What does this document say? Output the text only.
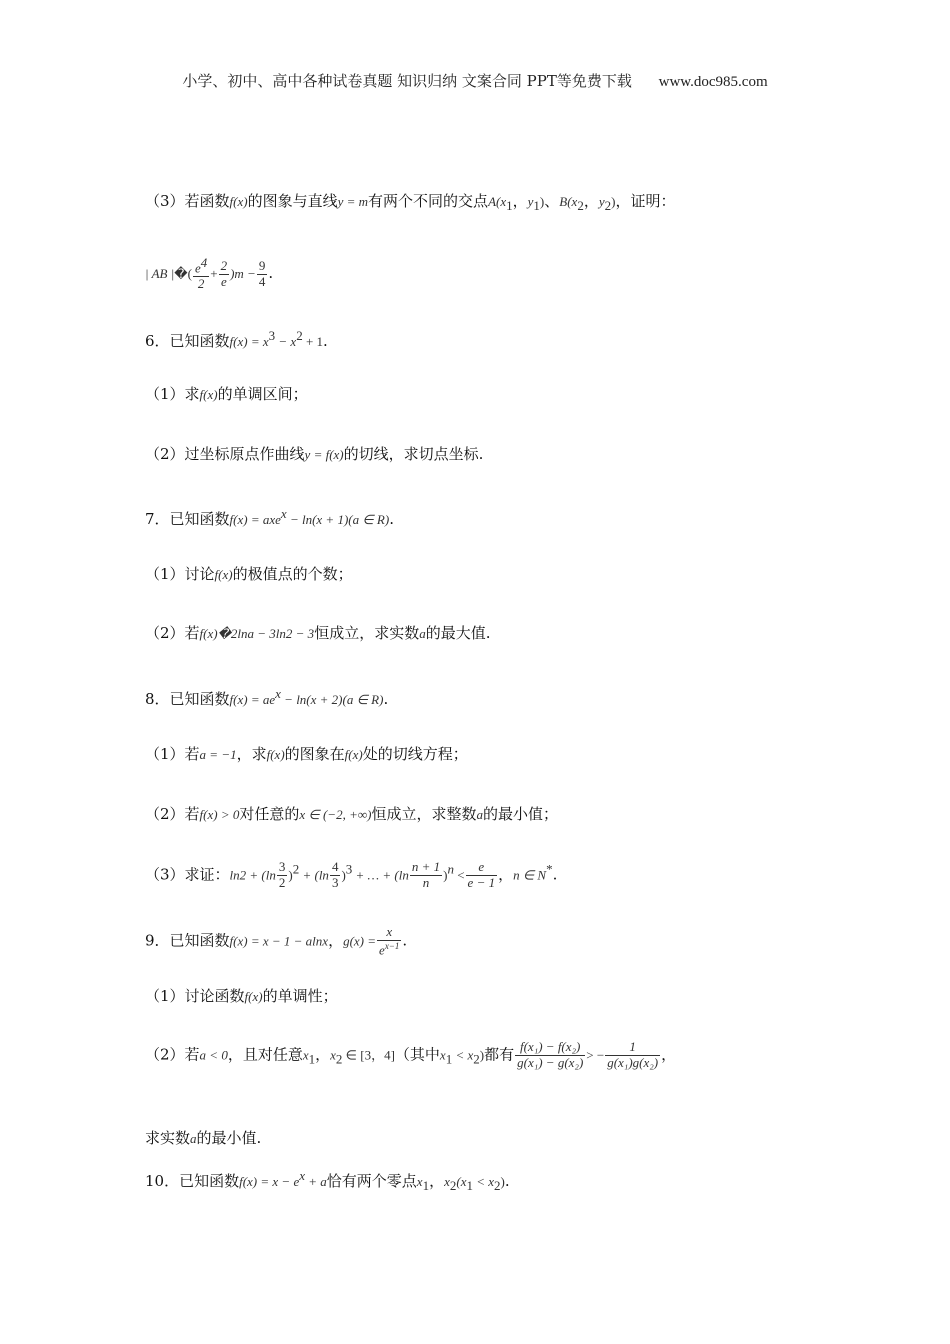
小学、初中、高中各种试卷真题 知识归纳 文案合同 PPT等免费下载 www.doc985.com
（3）若函数f(x)的图象与直线y = m有两个不同的交点$A(x_1$，$y_1$)、$B(x_2$，$y_2$)，证明：
| AB |�( $\frac{e^4}{2} + \frac{2}{e} )m - \frac{9}{4}$ .
6．已知函数$f(x) = x^3 - x^2 + 1$.
（1）求f(x)的单调区间；
（2）过坐标原点作曲线y = f(x)的切线，求切点坐标.
7．已知函数f(x) = axe$^x$ − ln(x + 1)(a ∈ R).
（1）讨论f(x)的极值点的个数；
（2）若f(x)�2lna − 3ln2 − 3恒成立，求实数a的最大值.
8．已知函数$f(x) = ae^x - \ln(x + 2)(a$ ∈ R).
（1）若a = −1，求f(x)的图象在f(x)处的切线方程；
（2）若f(x) > 0对任意的x ∈ (−2, +∞)恒成立，求整数a的最小值；
（3）求证：$\ln 2 + (\ln \frac{3}{2} )^2 + (\ln \frac{4}{3} )^3$ + … + $(\ln \frac{n + 1}{n} )^n < \frac{e}{e - 1}$ ，n ∈ N*.
9．已知函数f(x) = x − 1 − alnx，$g(x) = \frac{x}{e^{x-1}}$ .
（1）讨论函数f(x)的单调性；
（2）若a < 0，且对任意$x_1$，$x_2$ ∈ [3，4]（其中$x_1 < x_2$)都有 $\frac{\text{f(x₁) − f(x₂)}}{\text{g(x₁) − g(x₂)}}$ > − $\frac{1}{\text{g(x₁)g(x₂)}}$ ，
求实数a的最小值.
10．已知函数$f(x) = x - e^x + a$恰有两个零点$x_1$，$x_2(x_1 < x_2)$.
